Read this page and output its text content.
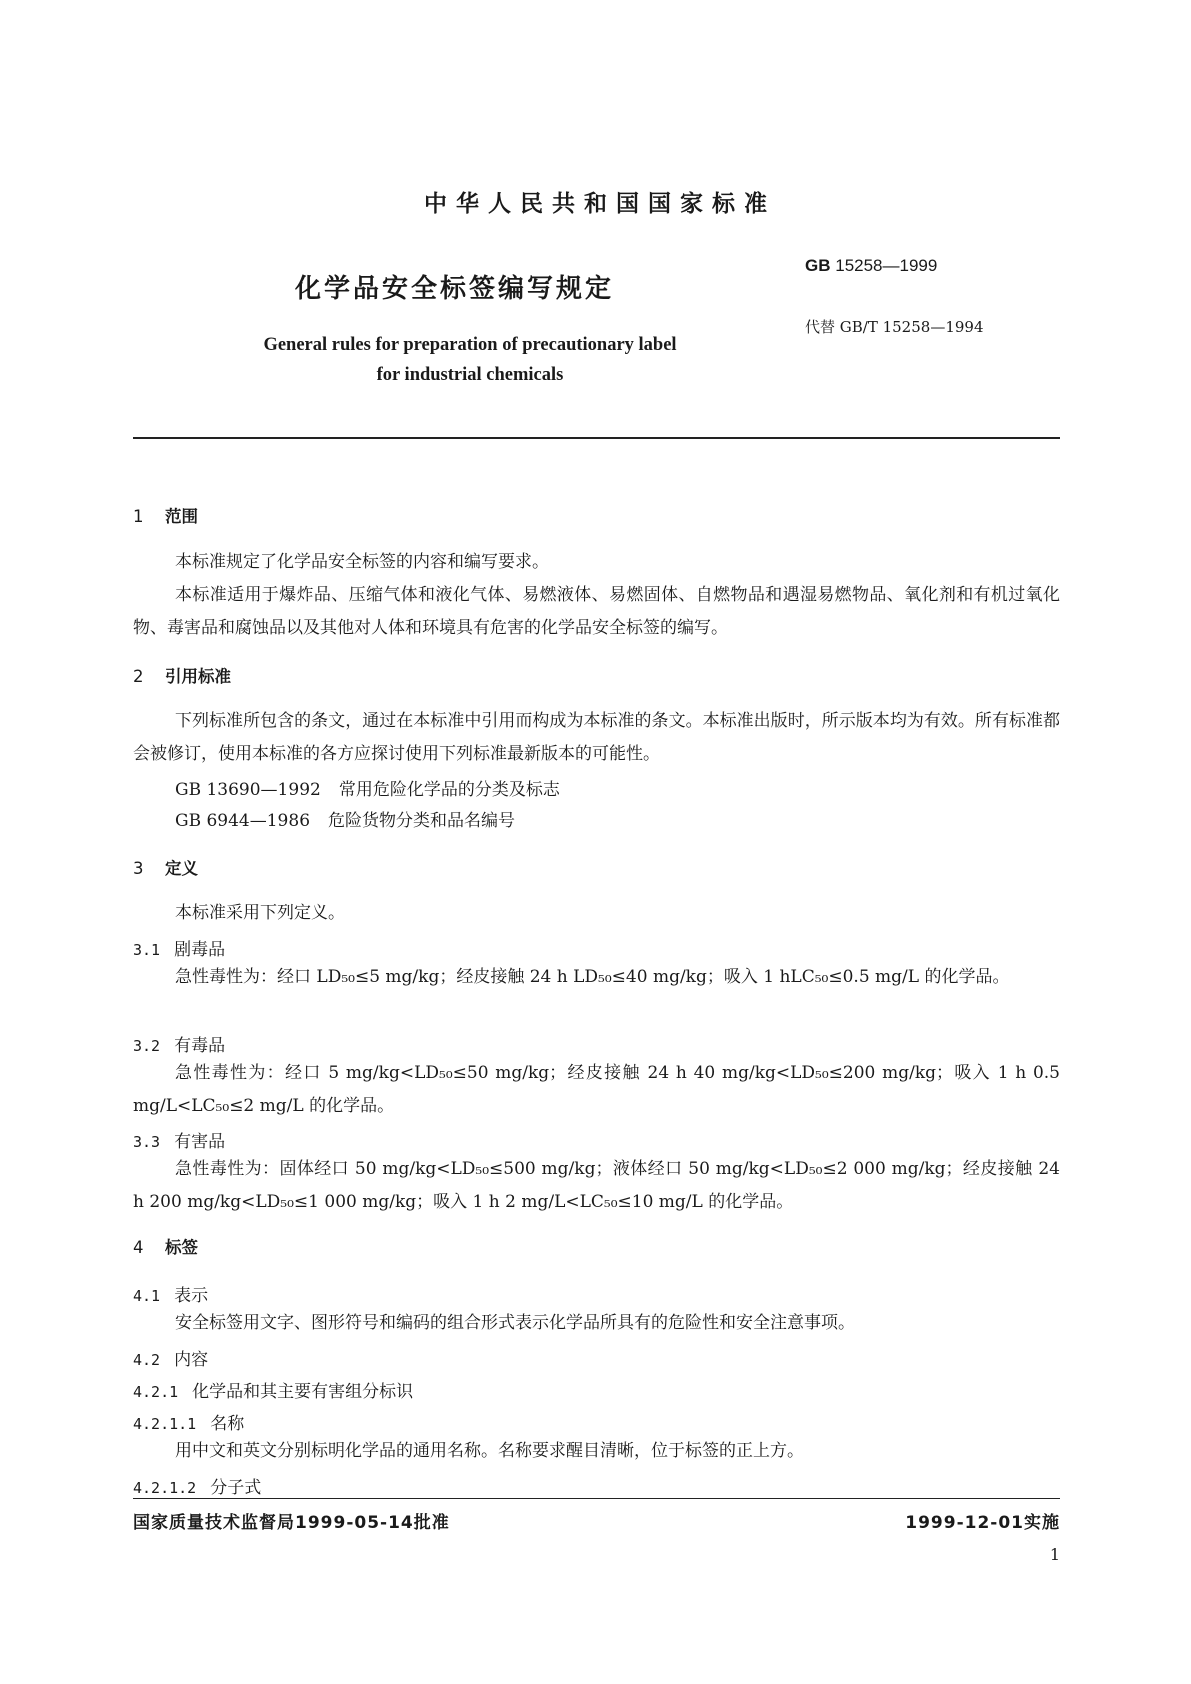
中华人民共和国国家标准
化学品安全标签编写规定
GB 15258—1999
代替 GB/T 15258—1994
General rules for preparation of precautionary label
for industrial chemicals
1 范围

本标准规定了化学品安全标签的内容和编写要求。

本标准适用于爆炸品、压缩气体和液化气体、易燃液体、易燃固体、自燃物品和遇湿易燃物品、氧化剂和有机过氧化物、毒害品和腐蚀品以及其他对人体和环境具有危害的化学品安全标签的编写。

2 引用标准

下列标准所包含的条文，通过在本标准中引用而构成为本标准的条文。本标准出版时，所示版本均为有效。所有标准都会被修订，使用本标准的各方应探讨使用下列标准最新版本的可能性。

GB 13690—1992 常用危险化学品的分类及标志
GB 6944—1986 危险货物分类和品名编号
3 定义

本标准采用下列定义。

3.1 剧毒品

急性毒性为：经口 LD₅₀≤5 mg/kg；经皮接触 24 h LD₅₀≤40 mg/kg；吸入 1 hLC₅₀≤0.5 mg/L 的化学品。

3.2 有毒品

急性毒性为：经口 5 mg/kg<LD₅₀≤50 mg/kg；经皮接触 24 h 40 mg/kg<LD₅₀≤200 mg/kg；吸入 1 h 0.5 mg/L<LC₅₀≤2 mg/L 的化学品。

3.3 有害品

急性毒性为：固体经口 50 mg/kg<LD₅₀≤500 mg/kg；液体经口 50 mg/kg<LD₅₀≤2 000 mg/kg；经皮接触 24 h 200 mg/kg<LD₅₀≤1 000 mg/kg；吸入 1 h 2 mg/L<LC₅₀≤10 mg/L 的化学品。

4 标签
4.1 表示

安全标签用文字、图形符号和编码的组合形式表示化学品所具有的危险性和安全注意事项。

4.2 内容
4.2.1 化学品和其主要有害组分标识
4.2.1.1 名称

用中文和英文分别标明化学品的通用名称。名称要求醒目清晰，位于标签的正上方。

4.2.1.2 分子式
国家质量技术监督局1999-05-14批准	1999-12-01实施
1
